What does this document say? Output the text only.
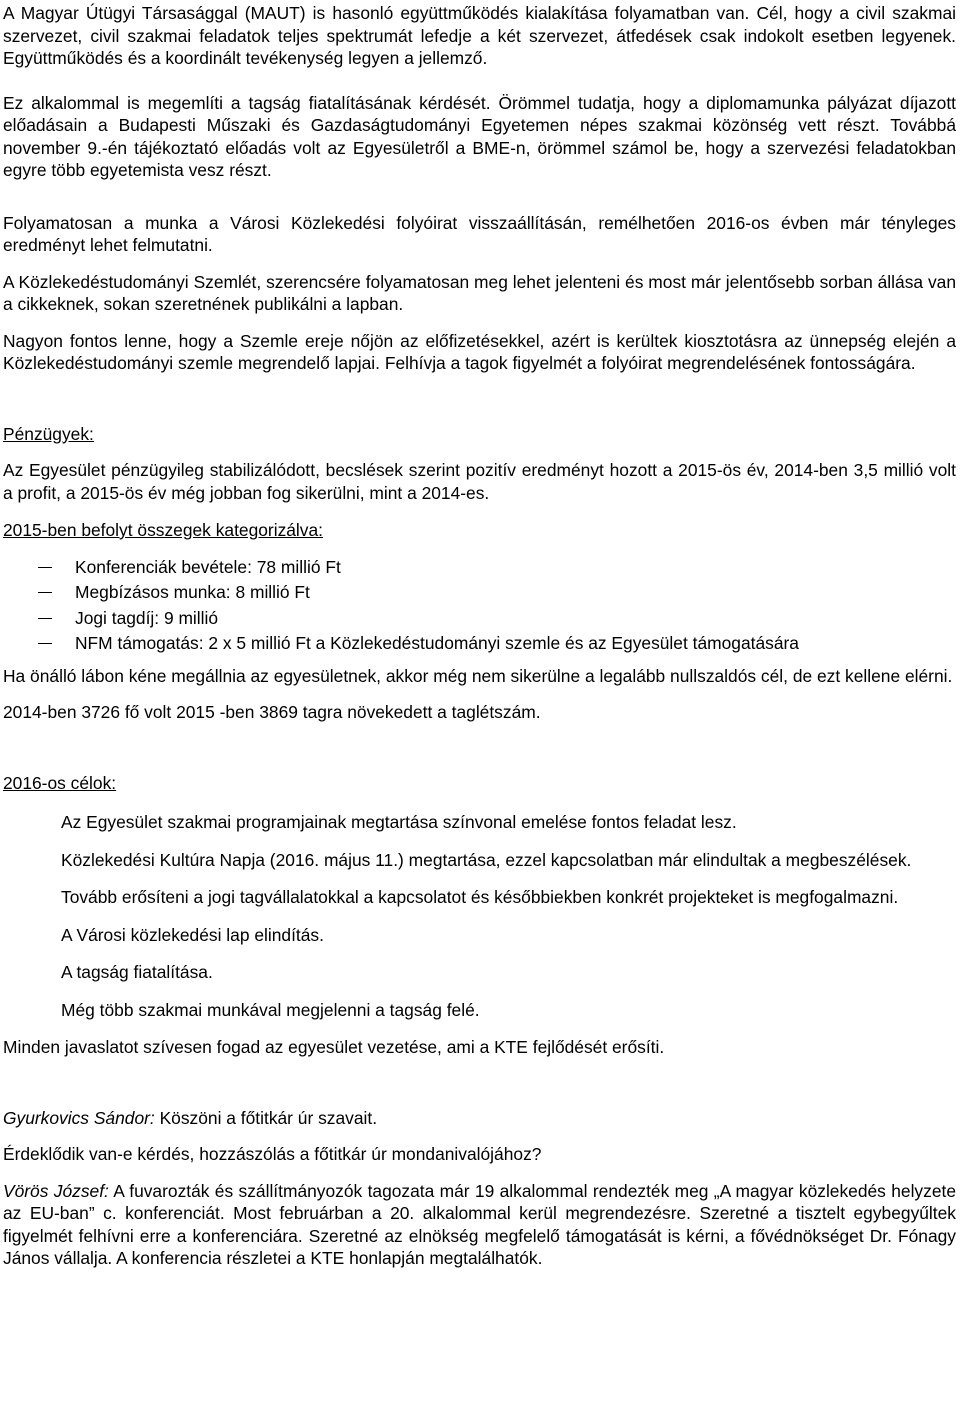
A Magyar Útügyi Társasággal (MAUT) is hasonló együttműködés kialakítása folyamatban van. Cél, hogy a civil szakmai szervezet, civil szakmai feladatok teljes spektrumát lefedje a két szervezet, átfedések csak indokolt esetben legyenek. Együttműködés és a koordinált tevékenység legyen a jellemző.

Ez alkalommal is megemlíti a tagság fiatalításának kérdését. Örömmel tudatja, hogy a diplomamunka pályázat díjazott előadásain a Budapesti Műszaki és Gazdaságtudományi Egyetemen népes szakmai közönség vett részt. Továbbá november 9.-én tájékoztató előadás volt az Egyesületről a BME-n, örömmel számol be, hogy a szervezési feladatokban egyre több egyetemista vesz részt.

Folyamatosan a munka a Városi Közlekedési folyóirat visszaállításán, remélhetően 2016-os évben már tényleges eredményt lehet felmutatni.

A Közlekedéstudományi Szemlét, szerencsére folyamatosan meg lehet jelenteni és most már jelentősebb sorban állása van a cikkeknek, sokan szeretnének publikálni a lapban.

Nagyon fontos lenne, hogy a Szemle ereje nőjön az előfizetésekkel, azért is kerültek kiosztotásra az ünnepség elején a Közlekedéstudományi szemle megrendelő lapjai. Felhívja a tagok figyelmét a folyóirat megrendelésének fontosságára.

Pénzügyek:

Az Egyesület pénzügyileg stabilizálódott, becslések szerint pozitív eredményt hozott a 2015-ös év, 2014-ben 3,5 millió volt a profit, a 2015-ös év még jobban fog sikerülni, mint a 2014-es.

2015-ben befolyt összegek kategorizálva:

Konferenciák bevétele: 78 millió Ft
Megbízásos munka: 8 millió Ft
Jogi tagdíj: 9 millió
NFM támogatás: 2 x 5 millió Ft a Közlekedéstudományi szemle és az Egyesület támogatására

Ha önálló lábon kéne megállnia az egyesületnek, akkor még nem sikerülne a legalább nullszaldós cél, de ezt kellene elérni.

2014-ben 3726 fő volt 2015 -ben 3869 tagra növekedett a taglétszám.

2016-os célok:

Az Egyesület szakmai programjainak megtartása színvonal emelése fontos feladat lesz.

Közlekedési Kultúra Napja (2016. május 11.) megtartása, ezzel kapcsolatban már elindultak a megbeszélések.

Tovább erősíteni a jogi tagvállalatokkal a kapcsolatot és későbbiekben konkrét projekteket is megfogalmazni.

A Városi közlekedési lap elindítás.

A tagság fiatalítása.

Még több szakmai munkával megjelenni a tagság felé.

Minden javaslatot szívesen fogad az egyesület vezetése, ami a KTE fejlődését erősíti.

Gyurkovics Sándor: Köszöni a főtitkár úr szavait.

Érdeklődik van-e kérdés, hozzászólás a főtitkár úr mondanivalójához?

Vörös József: A fuvarozták és szállítmányozók tagozata már 19 alkalommal rendezték meg „A magyar közlekedés helyzete az EU-ban” c. konferenciát. Most februárban a 20. alkalommal kerül megrendezésre. Szeretné a tisztelt egybegyűltek figyelmét felhívni erre a konferenciára. Szeretné az elnökség megfelelő támogatását is kérni, a fővédnökséget Dr. Fónagy János vállalja. A konferencia részletei a KTE honlapján megtalálhatók.
